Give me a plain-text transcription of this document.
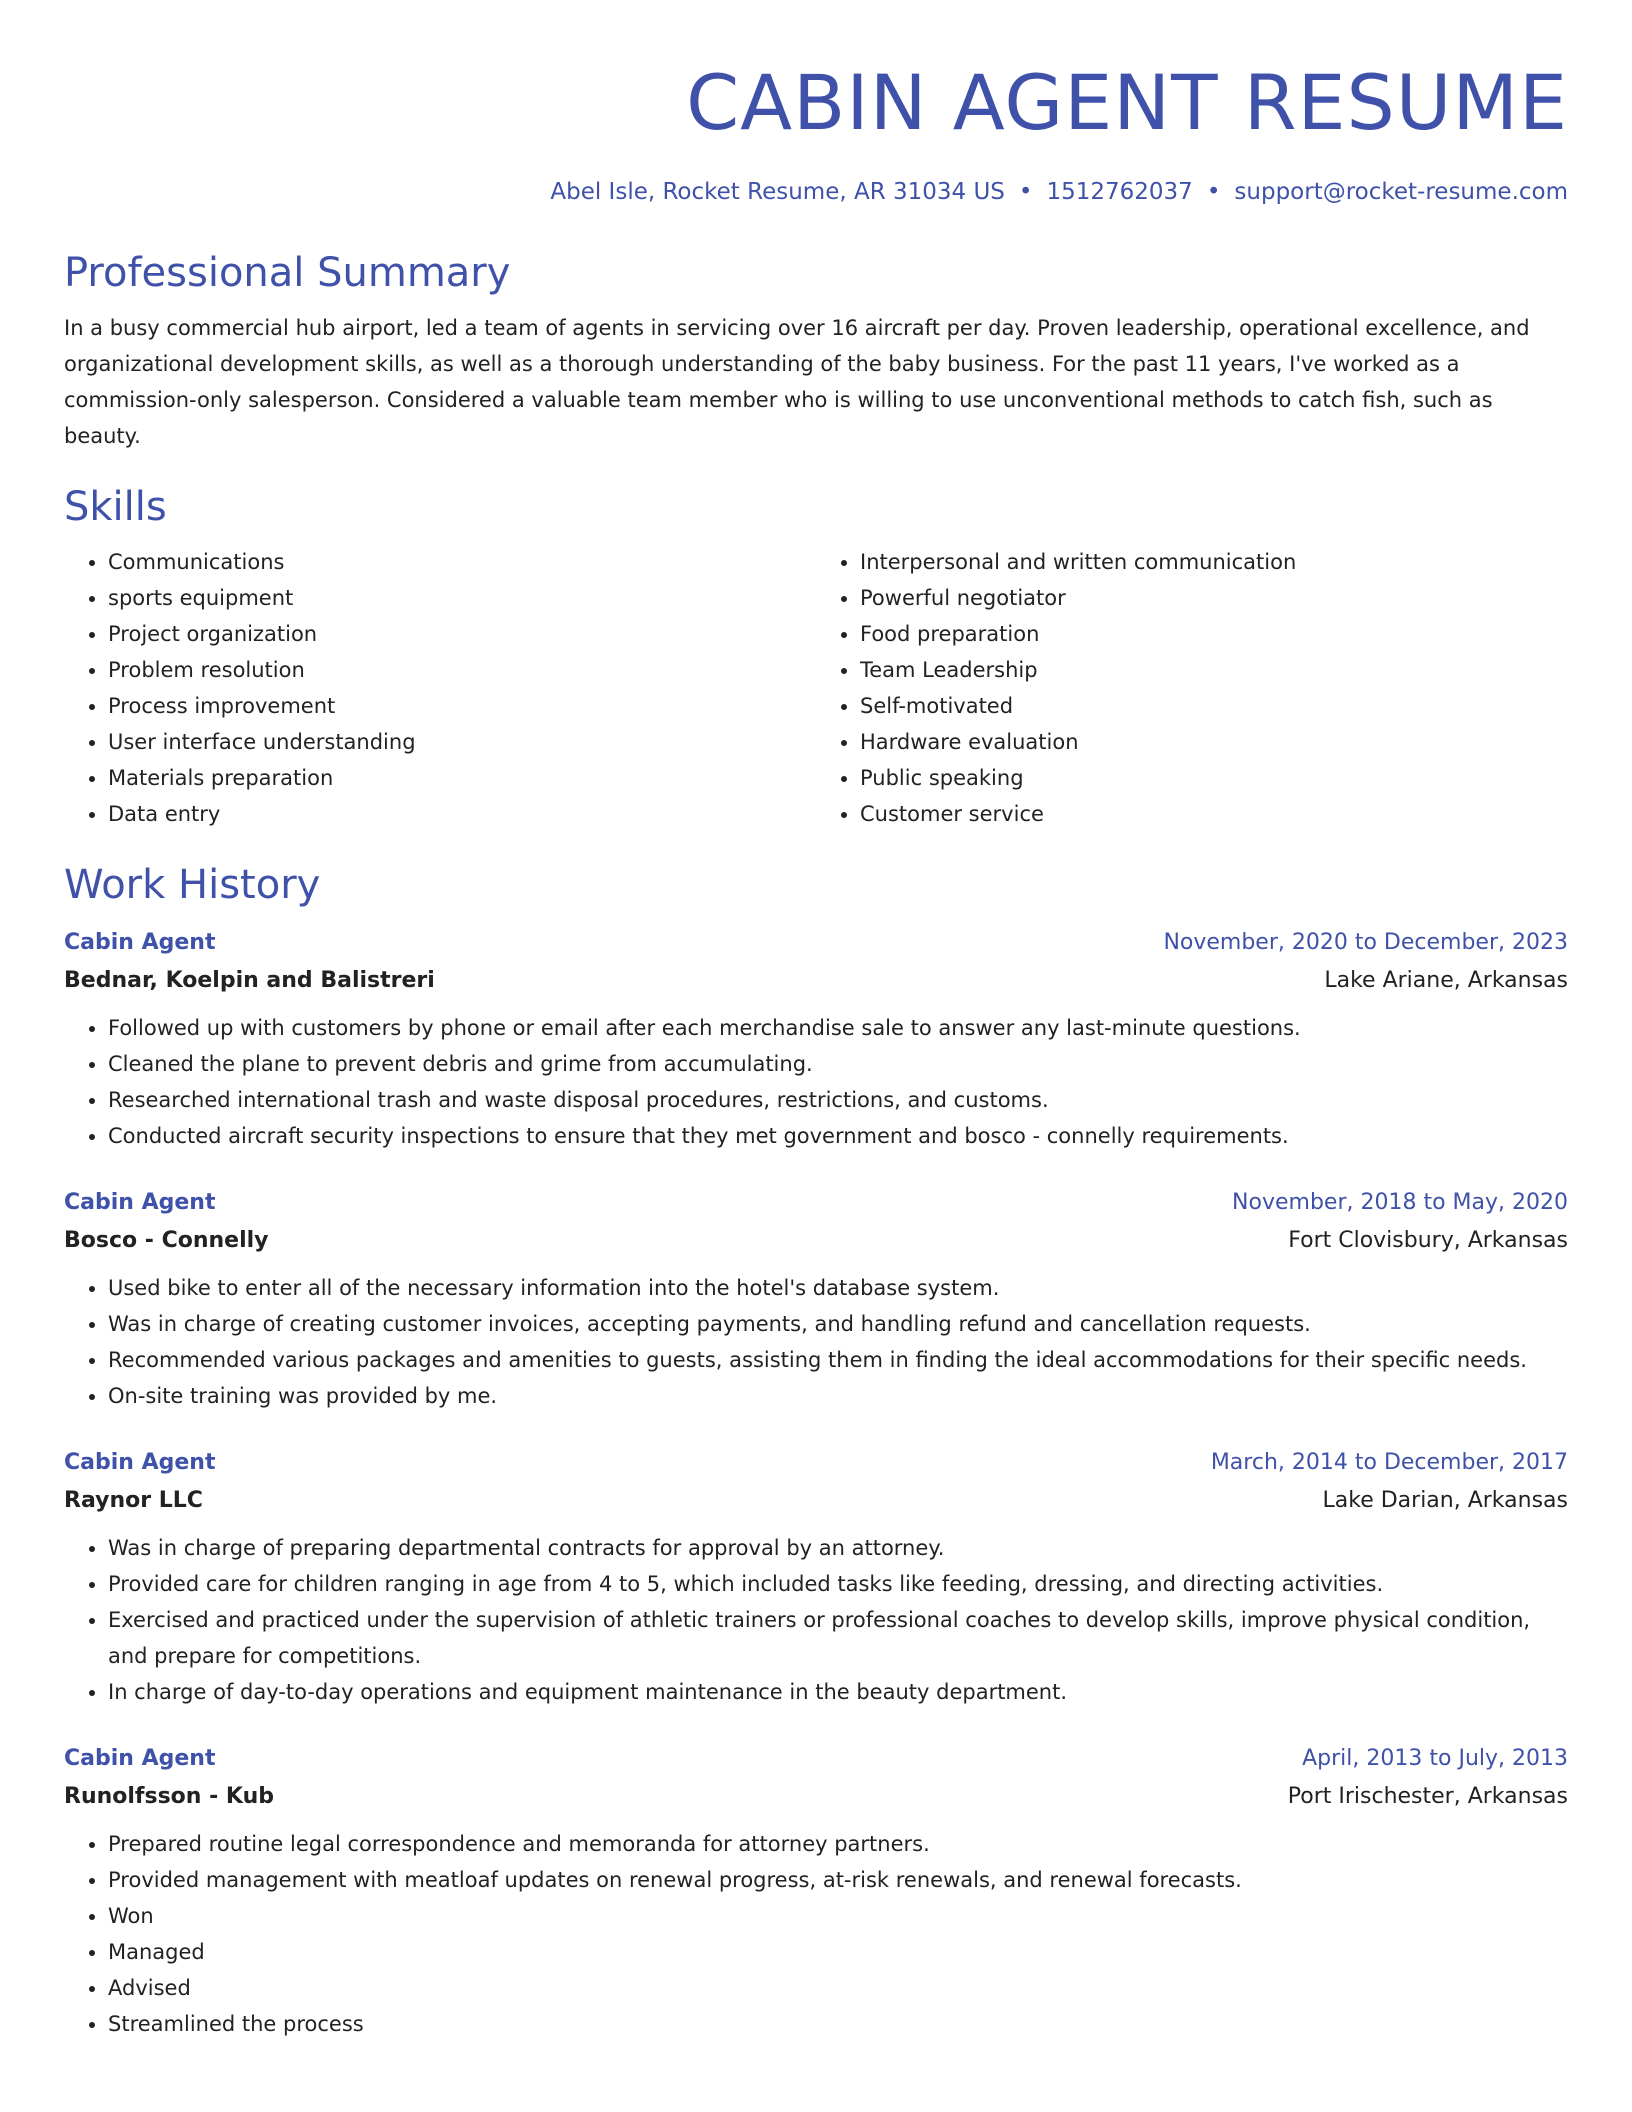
CABIN AGENT RESUME
Abel Isle, Rocket Resume, AR 31034 US • 1512762037 • support@rocket-resume.com
Professional Summary

In a busy commercial hub airport, led a team of agents in servicing over 16 aircraft per day. Proven leadership, operational excellence, and organizational development skills, as well as a thorough understanding of the baby business. For the past 11 years, I've worked as a commission-only salesperson. Considered a valuable team member who is willing to use unconventional methods to catch fish, such as beauty.

Skills
• Communications
• sports equipment
• Project organization
• Problem resolution
• Process improvement
• User interface understanding
• Materials preparation
• Data entry
• Interpersonal and written communication
• Powerful negotiator
• Food preparation
• Team Leadership
• Self-motivated
• Hardware evaluation
• Public speaking
• Customer service
Work History
Cabin Agent	November, 2020 to December, 2023
Bednar, Koelpin and Balistreri	Lake Ariane, Arkansas
• Followed up with customers by phone or email after each merchandise sale to answer any last-minute questions.
• Cleaned the plane to prevent debris and grime from accumulating.
• Researched international trash and waste disposal procedures, restrictions, and customs.
• Conducted aircraft security inspections to ensure that they met government and bosco - connelly requirements.
Cabin Agent	November, 2018 to May, 2020
Bosco - Connelly	Fort Clovisbury, Arkansas
• Used bike to enter all of the necessary information into the hotel's database system.
• Was in charge of creating customer invoices, accepting payments, and handling refund and cancellation requests.
• Recommended various packages and amenities to guests, assisting them in finding the ideal accommodations for their specific needs.
• On-site training was provided by me.
Cabin Agent	March, 2014 to December, 2017
Raynor LLC	Lake Darian, Arkansas
• Was in charge of preparing departmental contracts for approval by an attorney.
• Provided care for children ranging in age from 4 to 5, which included tasks like feeding, dressing, and directing activities.
• Exercised and practiced under the supervision of athletic trainers or professional coaches to develop skills, improve physical condition, and prepare for competitions.
• In charge of day-to-day operations and equipment maintenance in the beauty department.
Cabin Agent	April, 2013 to July, 2013
Runolfsson - Kub	Port Irischester, Arkansas
• Prepared routine legal correspondence and memoranda for attorney partners.
• Provided management with meatloaf updates on renewal progress, at-risk renewals, and renewal forecasts.
• Won
• Managed
• Advised
• Streamlined the process
